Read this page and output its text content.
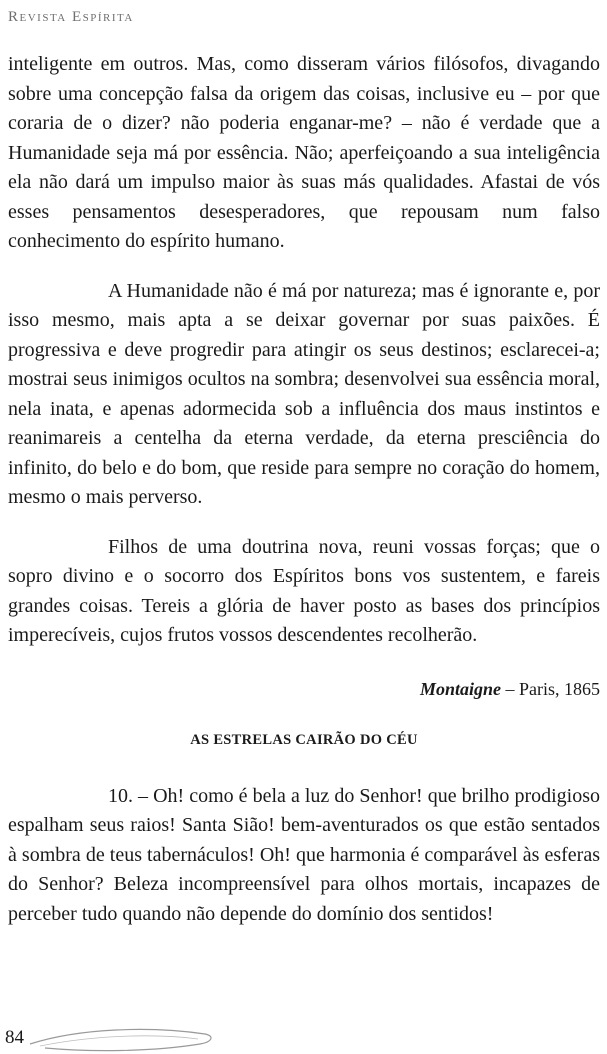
Revista Espírita

inteligente em outros. Mas, como disseram vários filósofos, divagando sobre uma concepção falsa da origem das coisas, inclusive eu – por que coraria de o dizer? não poderia enganar-me? – não é verdade que a Humanidade seja má por essência. Não; aperfeiçoando a sua inteligência ela não dará um impulso maior às suas más qualidades. Afastai de vós esses pensamentos desesperadores, que repousam num falso conhecimento do espírito humano.

A Humanidade não é má por natureza; mas é ignorante e, por isso mesmo, mais apta a se deixar governar por suas paixões. É progressiva e deve progredir para atingir os seus destinos; esclarecei-a; mostrai seus inimigos ocultos na sombra; desenvolvei sua essência moral, nela inata, e apenas adormecida sob a influência dos maus instintos e reanimareis a centelha da eterna verdade, da eterna presciência do infinito, do belo e do bom, que reside para sempre no coração do homem, mesmo o mais perverso.

Filhos de uma doutrina nova, reuni vossas forças; que o sopro divino e o socorro dos Espíritos bons vos sustentem, e fareis grandes coisas. Tereis a glória de haver posto as bases dos princípios imperecíveis, cujos frutos vossos descendentes recolherão.

Montaigne – Paris, 1865

AS ESTRELAS CAIRÃO DO CÉU

10. – Oh! como é bela a luz do Senhor! que brilho prodigioso espalham seus raios! Santa Sião! bem-aventurados os que estão sentados à sombra de teus tabernáculos! Oh! que harmonia é comparável às esferas do Senhor? Beleza incompreensível para olhos mortais, incapazes de perceber tudo quando não depende do domínio dos sentidos!

84
